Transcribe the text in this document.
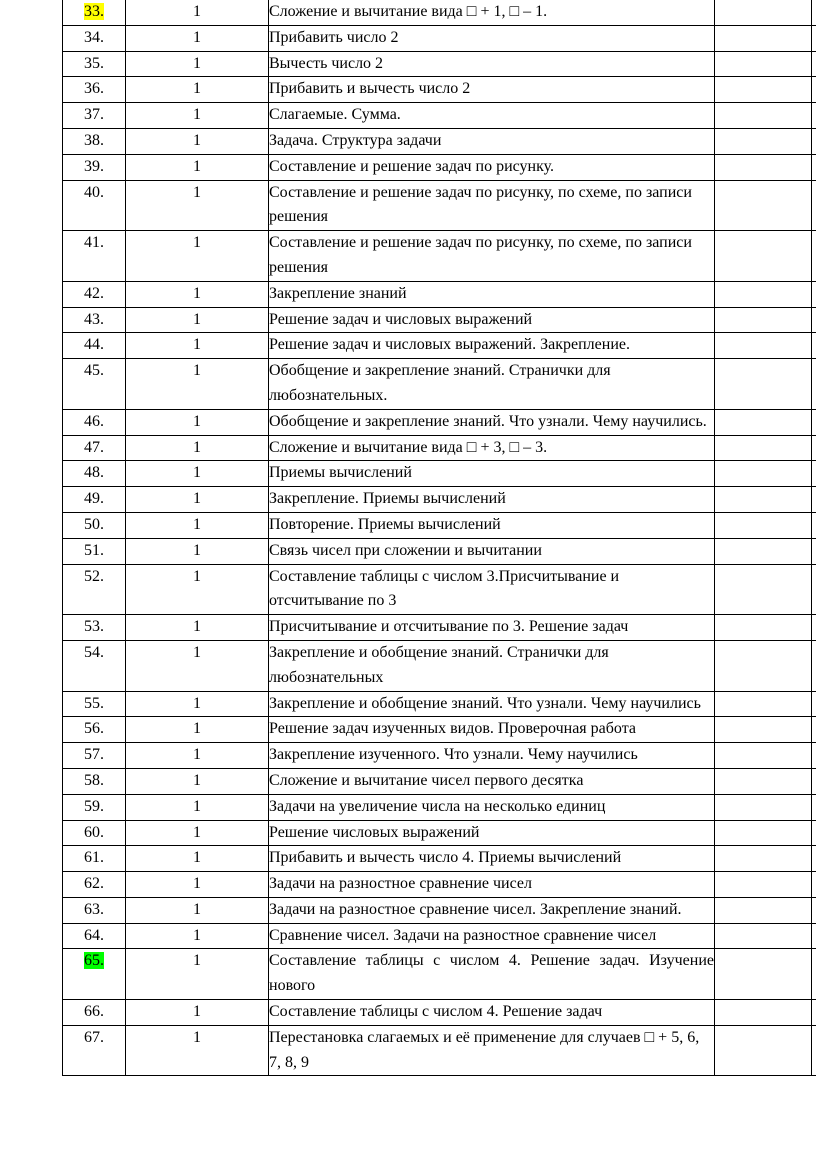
33.	1	Сложение и вычитание вида □ + 1, □ – 1.		
34.	1	Прибавить число 2		
35.	1	Вычесть число 2		
36.	1	Прибавить и вычесть число 2		
37.	1	Слагаемые. Сумма.		
38.	1	Задача. Структура задачи		
39.	1	Составление и решение задач по рисунку.		
40.	1	Составление и решение задач по рисунку, по схеме, по записи решения		
41.	1	Составление и решение задач по рисунку, по схеме, по записи решения		
42.	1	Закрепление знаний		
43.	1	Решение задач и числовых выражений		
44.	1	Решение задач и числовых выражений. Закрепление.		
45.	1	Обобщение и закрепление знаний. Странички для любознательных.		
46.	1	Обобщение и закрепление знаний. Что узнали. Чему научились.		
47.	1	Сложение и вычитание вида □ + 3, □ – 3.		
48.	1	Приемы вычислений		
49.	1	Закрепление. Приемы вычислений		
50.	1	Повторение. Приемы вычислений		
51.	1	Связь чисел при сложении и вычитании		
52.	1	Составление таблицы с числом 3.Присчитывание и отсчитывание по 3		
53.	1	Присчитывание и отсчитывание по 3. Решение задач		
54.	1	Закрепление и обобщение знаний. Странички для любознательных		
55.	1	Закрепление и обобщение знаний. Что узнали. Чему научились		
56.	1	Решение задач изученных видов. Проверочная работа		
57.	1	Закрепление изученного. Что узнали. Чему научились		
58.	1	Сложение и вычитание чисел первого десятка		
59.	1	Задачи на увеличение числа на несколько единиц		
60.	1	Решение числовых выражений		
61.	1	Прибавить и вычесть число 4. Приемы вычислений		
62.	1	Задачи на разностное сравнение чисел		
63.	1	Задачи на разностное сравнение чисел. Закрепление знаний.		
64.	1	Сравнение чисел. Задачи на разностное сравнение чисел		
65.	1	Составление таблицы с числом 4. Решение задач. Изучение нового		
66.	1	Составление таблицы с числом 4. Решение задач		
67.	1	Перестановка слагаемых и её применение для случаев □ + 5, 6, 7, 8, 9		
